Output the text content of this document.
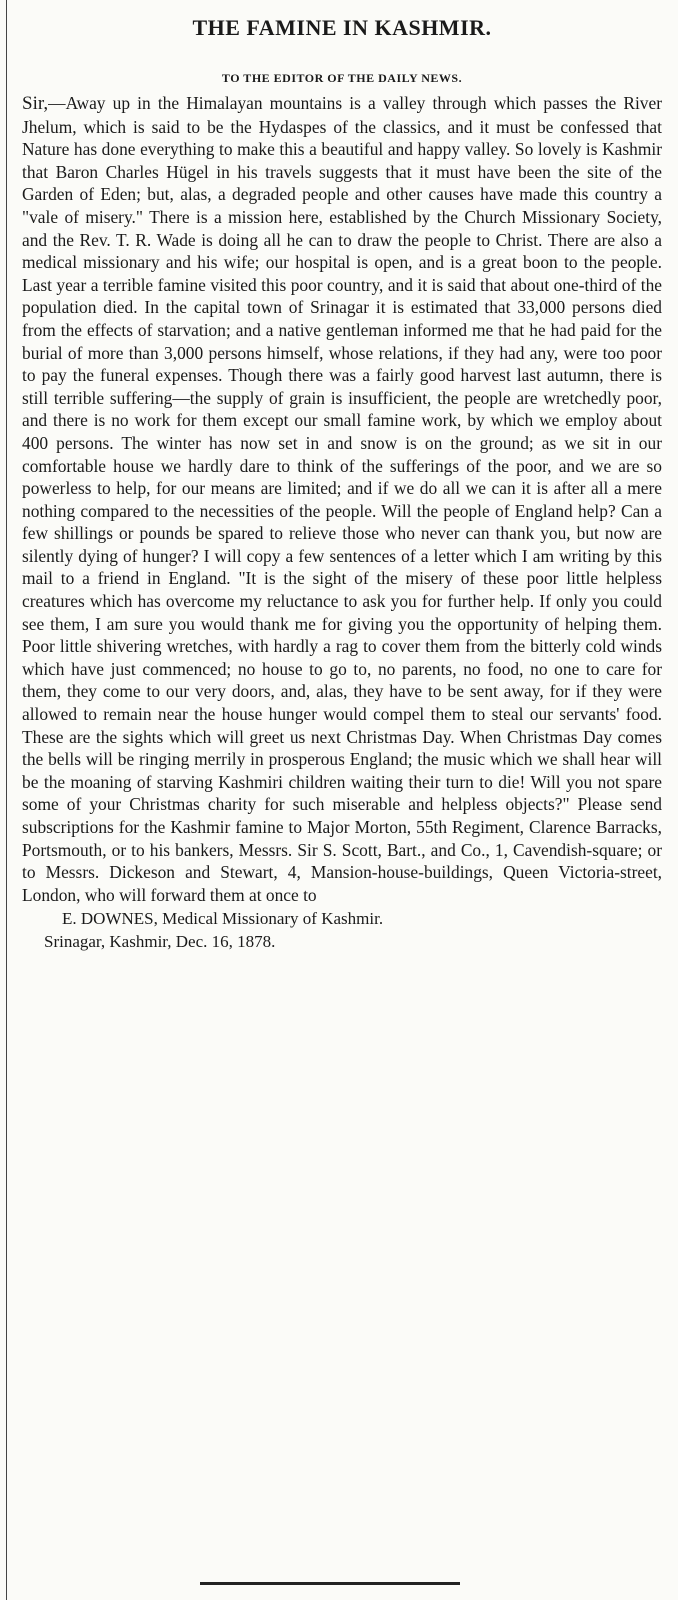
THE FAMINE IN KASHMIR.
TO THE EDITOR OF THE DAILY NEWS.

Sir,—Away up in the Himalayan mountains is a valley through which passes the River Jhelum, which is said to be the Hydaspes of the classics, and it must be confessed that Nature has done everything to make this a beautiful and happy valley. So lovely is Kashmir that Baron Charles Hügel in his travels suggests that it must have been the site of the Garden of Eden; but, alas, a degraded people and other causes have made this country a "vale of misery." There is a mission here, established by the Church Missionary Society, and the Rev. T. R. Wade is doing all he can to draw the people to Christ. There are also a medical missionary and his wife; our hospital is open, and is a great boon to the people. Last year a terrible famine visited this poor country, and it is said that about one-third of the population died. In the capital town of Srinagar it is estimated that 33,000 persons died from the effects of starvation; and a native gentleman informed me that he had paid for the burial of more than 3,000 persons himself, whose relations, if they had any, were too poor to pay the funeral expenses. Though there was a fairly good harvest last autumn, there is still terrible suffering—the supply of grain is insufficient, the people are wretchedly poor, and there is no work for them except our small famine work, by which we employ about 400 persons. The winter has now set in and snow is on the ground; as we sit in our comfortable house we hardly dare to think of the sufferings of the poor, and we are so powerless to help, for our means are limited; and if we do all we can it is after all a mere nothing compared to the necessities of the people. Will the people of England help? Can a few shillings or pounds be spared to relieve those who never can thank you, but now are silently dying of hunger? I will copy a few sentences of a letter which I am writing by this mail to a friend in England. "It is the sight of the misery of these poor little helpless creatures which has overcome my reluctance to ask you for further help. If only you could see them, I am sure you would thank me for giving you the opportunity of helping them. Poor little shivering wretches, with hardly a rag to cover them from the bitterly cold winds which have just commenced; no house to go to, no parents, no food, no one to care for them, they come to our very doors, and, alas, they have to be sent away, for if they were allowed to remain near the house hunger would compel them to steal our servants' food. These are the sights which will greet us next Christmas Day. When Christmas Day comes the bells will be ringing merrily in prosperous England; the music which we shall hear will be the moaning of starving Kashmiri children waiting their turn to die! Will you not spare some of your Christmas charity for such miserable and helpless objects?" Please send subscriptions for the Kashmir famine to Major Morton, 55th Regiment, Clarence Barracks, Portsmouth, or to his bankers, Messrs. Sir S. Scott, Bart., and Co., 1, Cavendish-square; or to Messrs. Dickeson and Stewart, 4, Mansion-house-buildings, Queen Victoria-street, London, who will forward them at once to

E. DOWNES, Medical Missionary of Kashmir.
Srinagar, Kashmir, Dec. 16, 1878.
